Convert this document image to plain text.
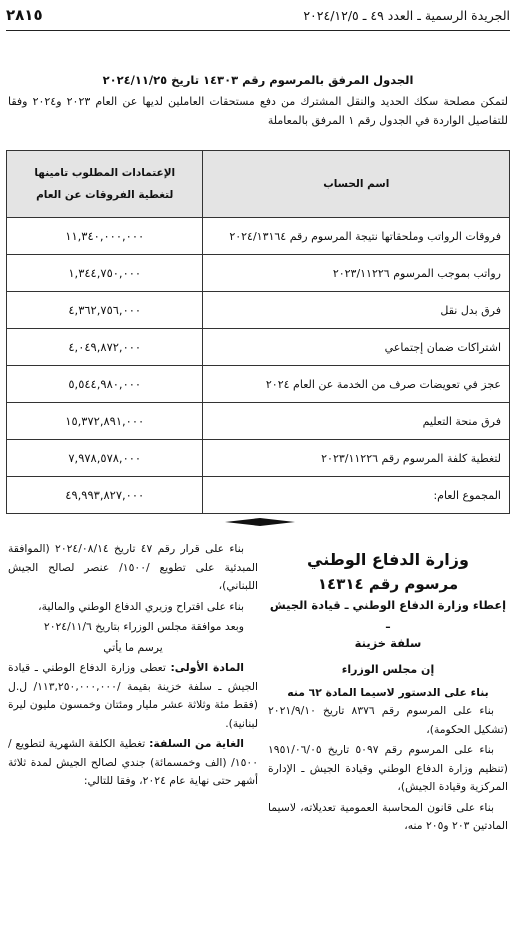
الجريدة الرسمية ـ العدد ٤٩ ـ ٢٠٢٤/١٢/٥
٢٨١٥
الجدول المرفق بالمرسوم رقم ١٤٣٠٣ تاريخ ٢٠٢٤/١١/٢٥
لتمكن مصلحة سكك الحديد والنقل المشترك من دفع مستحقات العاملين لديها عن العام ٢٠٢٣ و٢٠٢٤ وفقا للتفاصيل الواردة في الجدول رقم ١ المرفق بالمعاملة
اسم الحساب	الإعتمادات المطلوب تامينها
لتغطية الفروقات عن العام

فروقات الرواتب وملحقاتها نتيجة المرسوم رقم ٢٠٢٤/١٣١٦٤	١١,٣٤٠,٠٠٠,٠٠٠
رواتب بموجب المرسوم ٢٠٢٣/١١٢٢٦	١,٣٤٤,٧٥٠,٠٠٠
فرق بدل نقل	٤,٣٦٢,٧٥٦,٠٠٠
اشتراكات ضمان إجتماعي	٤,٠٤٩,٨٧٢,٠٠٠
عجز في تعويضات صرف من الخدمة عن العام ٢٠٢٤	٥,٥٤٤,٩٨٠,٠٠٠
فرق منحة التعليم	١٥,٣٧٢,٨٩١,٠٠٠
لتغطية كلفة المرسوم رقم ٢٠٢٣/١١٢٢٦	٧,٩٧٨,٥٧٨,٠٠٠
المجموع العام:	٤٩,٩٩٣,٨٢٧,٠٠٠
وزارة الدفاع الوطني
مرسوم رقم ١٤٣١٤
إعطاء وزارة الدفاع الوطني ـ قيادة الجيش ـ
سلفة خزينة
إن مجلس الوزراء
بناء على الدستور لاسيما المادة ٦٢ منه

بناء على المرسوم رقم ٨٣٧٦ تاريخ ٢٠٢١/٩/١٠ (تشكيل الحكومة)،

بناء على المرسوم رقم ٥٠٩٧ تاريخ ١٩٥١/٠٦/٠٥ (تنظيم وزارة الدفاع الوطني وقيادة الجيش ـ الإدارة المركزية وقيادة الجيش)،

بناء على قانون المحاسبة العمومية تعديلاته، لاسيما المادتين ٢٠٣ و٢٠٥ منه،

بناء على قرار رقم ٤٧ تاريخ ٢٠٢٤/٠٨/١٤ (الموافقة المبدئية على تطويع /١٥٠٠/ عنصر لصالح الجيش اللبناني)،

بناء على اقتراح وزيري الدفاع الوطني والمالية،

وبعد موافقة مجلس الوزراء بتاريخ ٢٠٢٤/١١/٦

يرسم ما يأتي

المادة الأولى: تعطى وزارة الدفاع الوطني ـ قيادة الجيش ـ سلفة خزينة بقيمة /١١٣,٢٥٠,٠٠٠,٠٠٠/ ل.ل (فقط مئة وثلاثة عشر مليار ومئتان وخمسون مليون ليرة لبنانية).

الغاية من السلفة: تغطية الكلفة الشهرية لتطويع /١٥٠٠/ (الف وخمسمائة) جندي لصالح الجيش لمدة ثلاثة أشهر حتى نهاية عام ٢٠٢٤، وفقا للتالي:
